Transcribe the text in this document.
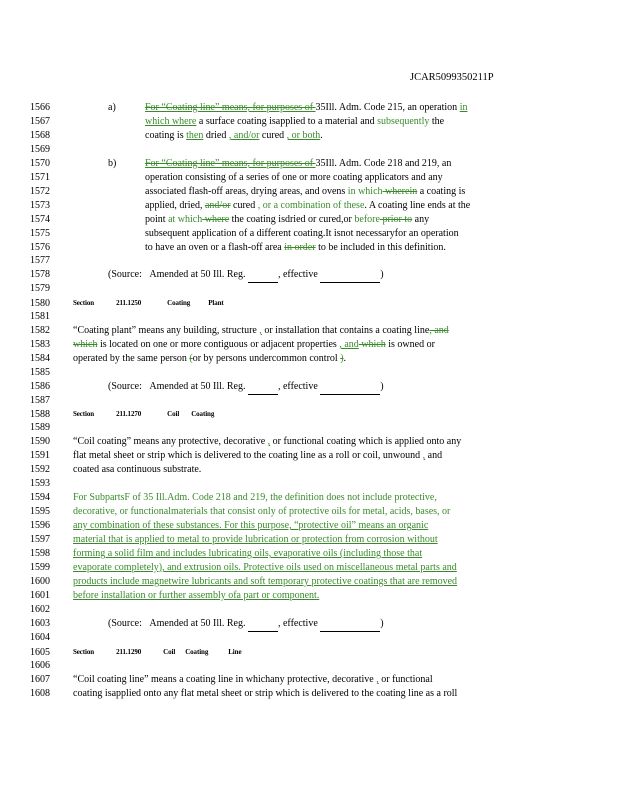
JCAR5099350211P
1566
1567
1568
1569
1570
1571
1572
1573
1574
1575
1576
1577
1578
1579
1580
1581
1582
1583
1584
1585
1586
1587
1588
1589
1590
1591
1592
1593
1594
1595
1596
1597
1598
1599
1600
1601
1602
1603
1604
1605
1606
1607
1608
a)	For “Coating line” means, for purposes of 35Ill. Adm. Code 215, an operation in
which where a surface coating isapplied to a material and subsequently the
coating is then dried , and/or cured , or both.
b)	For “Coating line” means, for purposes of 35Ill. Adm. Code 218 and 219, an
operation consisting of a series of one or more coating applicators and any
associated flash-off areas, drying areas, and ovens in which wherein a coating is
applied, dried, and/or cured , or a combination of these. A coating line ends at the
point at which where the coating isdried or cured,or before prior to any
subsequent application of a different coating.It isnot necessaryfor an operation
to have an oven or a flash-off area in order to be included in this definition.
(Source: Amended at 50 Ill. Reg.	, effective	)
Section	211.1250	Coating	Plant
“Coating plant” means any building, structure , or installation that contains a coating line, and
which is located on one or more contiguous or adjacent properties , and which is owned or
operated by the same person (or by persons undercommon control ).
(Source: Amended at 50 Ill. Reg.	, effective	)
Section	211.1270	Coil Coating
“Coil coating” means any protective, decorative , or functional coating which is applied onto any
flat metal sheet or strip which is delivered to the coating line as a roll or coil, unwound , and
coated asa continuous substrate.
For SubpartsF of 35 Ill.Adm. Code 218 and 219, the definition does not include protective,
decorative, or functionalmaterials that consist only of protective oils for metal, acids, bases, or
any combination of these substances. For this purpose, “protective oil” means an organic
material that is applied to metal to provide lubrication or protection from corrosion without
forming a solid film and includes lubricating oils, evaporative oils (including those that
evaporate completely), and extrusion oils. Protective oils used on miscellaneous metal parts and
products include magnetwire lubricants and soft temporary protective coatings that are removed
before installation or further assembly ofa part or component.
(Source: Amended at 50 Ill. Reg.	, effective	)
Section	211.1290	Coil Coating	Line
“Coil coating line” means a coating line in whichany protective, decorative , or functional
coating isapplied onto any flat metal sheet or strip which is delivered to the coating line as a roll
